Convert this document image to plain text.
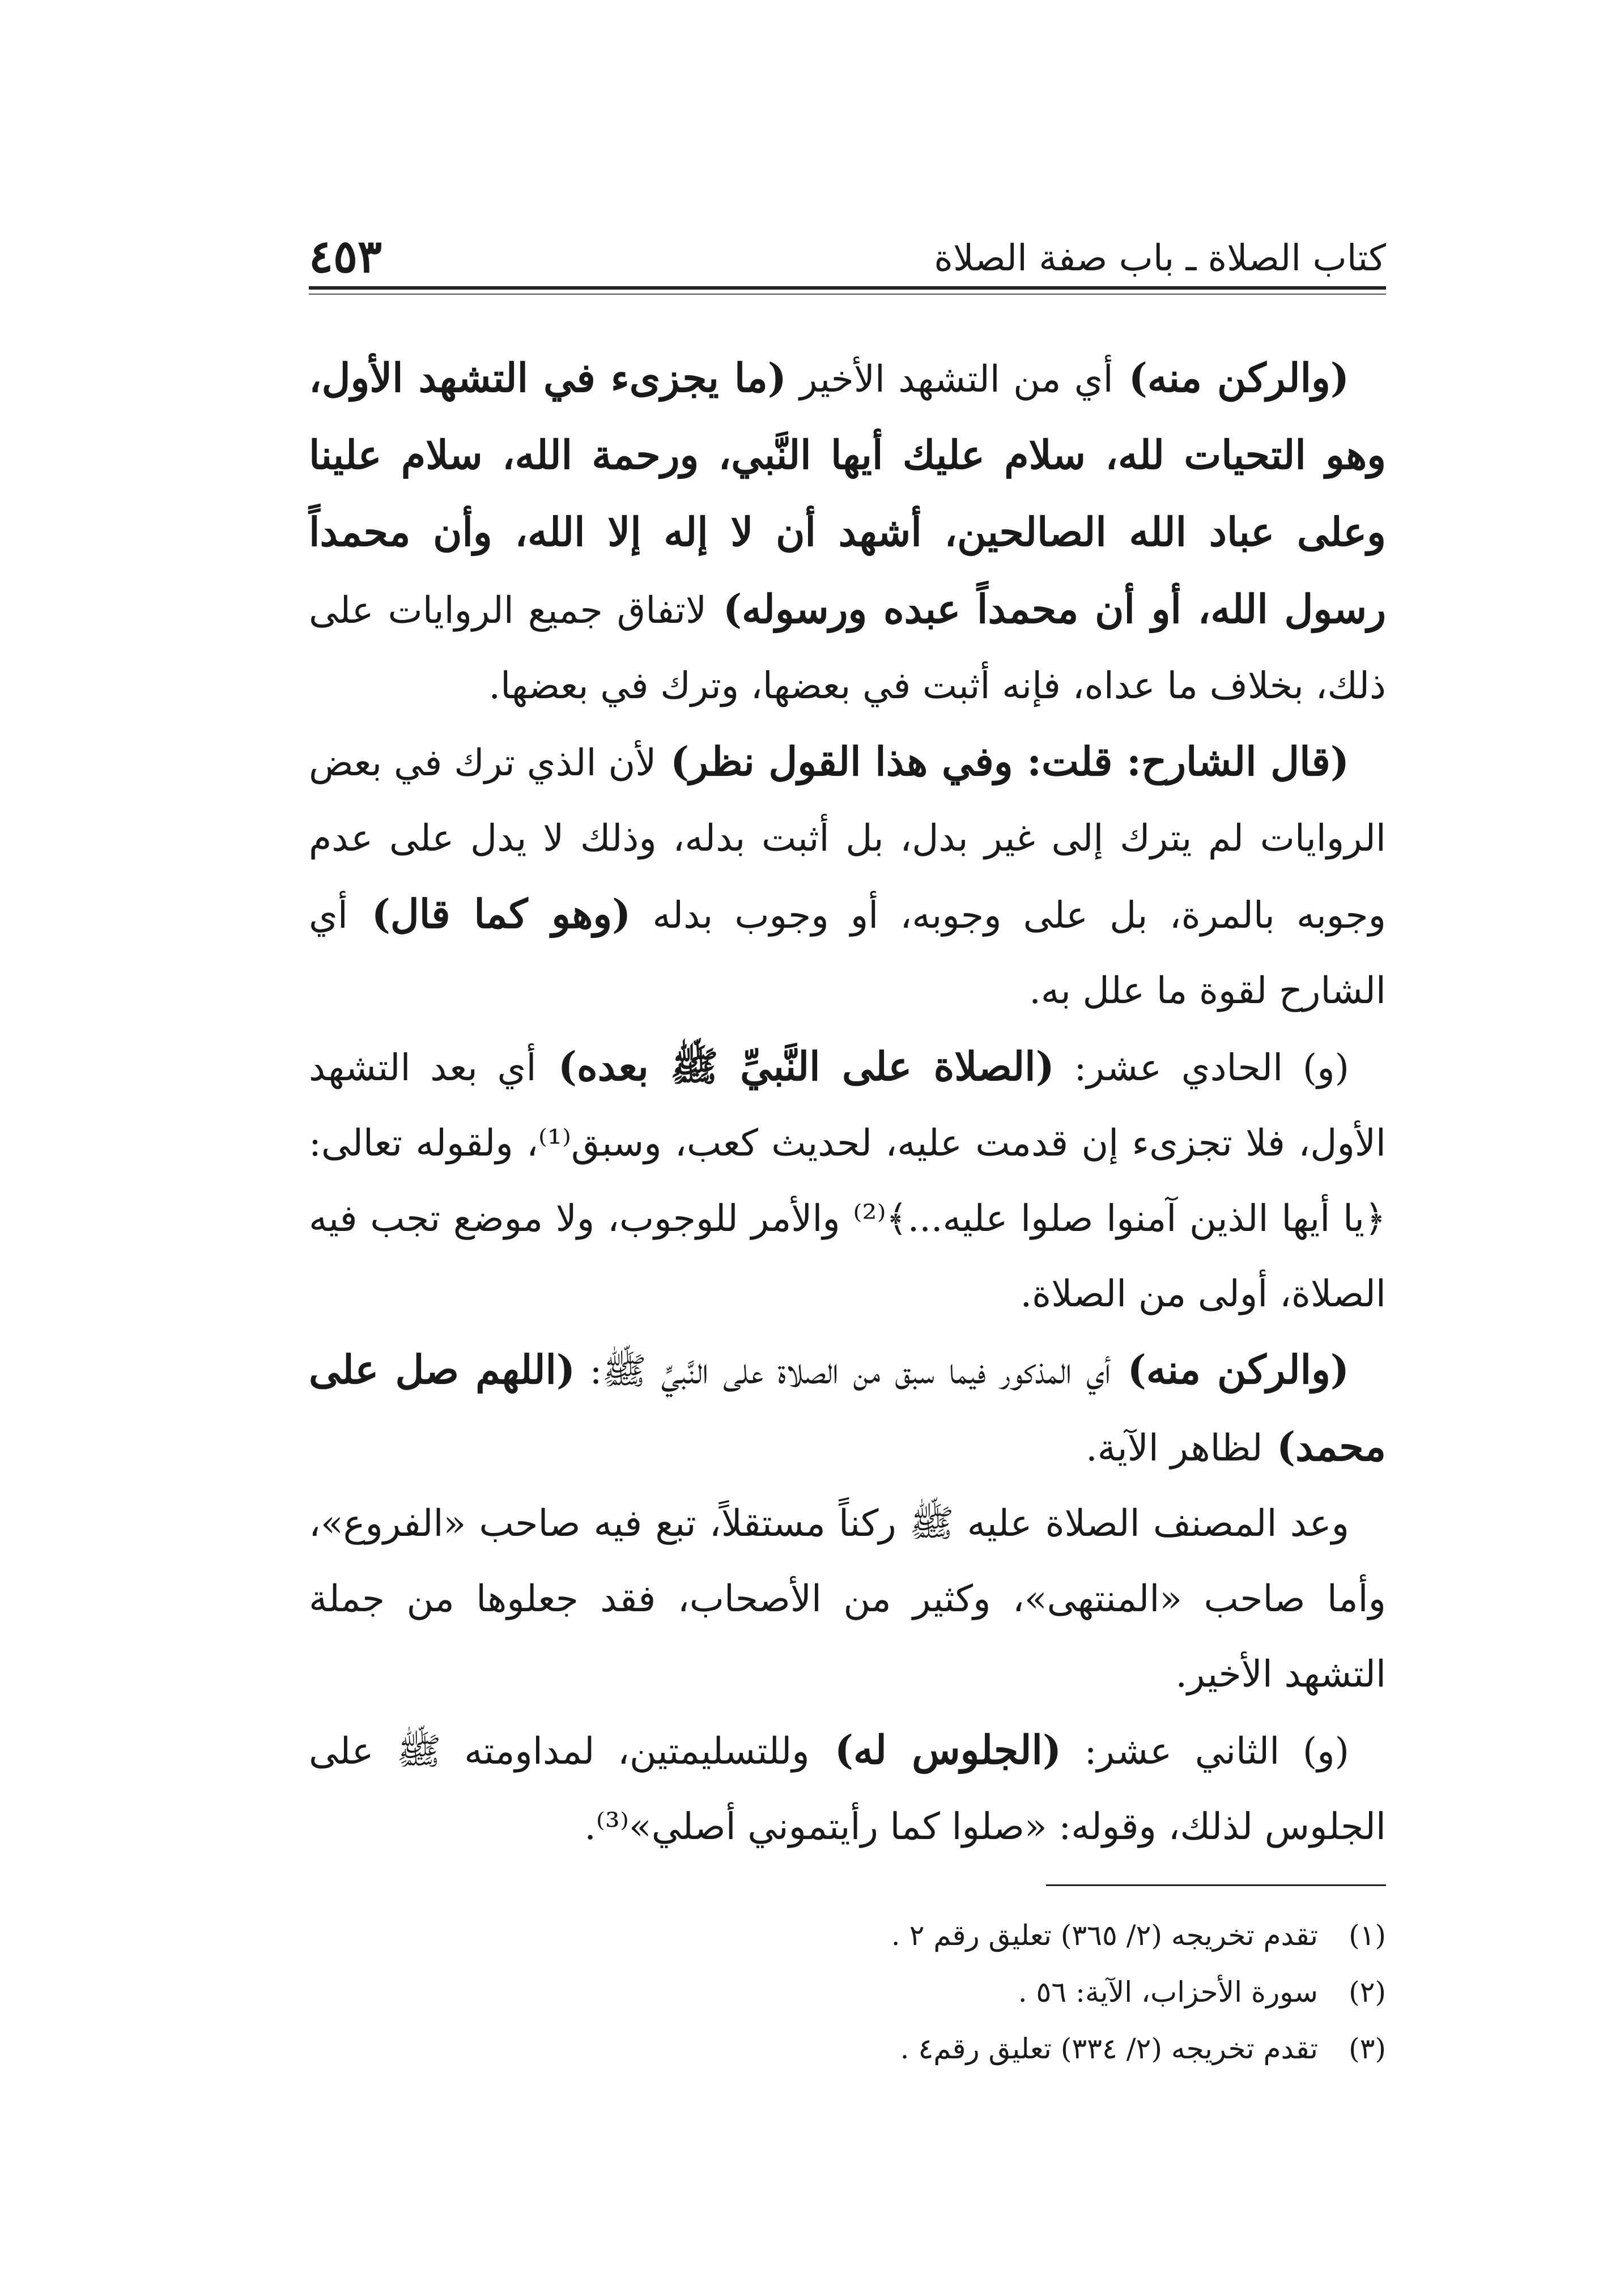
كتاب الصلاة ـ باب صفة الصلاة
٤٥٣

(والركن منه) أي من التشهد الأخير (ما يجزىء في التشهد الأول، وهو التحيات لله، سلام عليك أيها النَّبي، ورحمة الله، سلام علينا وعلى عباد الله الصالحين، أشهد أن لا إله إلا الله، وأن محمداً رسول الله، أو أن محمداً عبده ورسوله) لاتفاق جميع الروايات على ذلك، بخلاف ما عداه، فإنه أثبت في بعضها، وترك في بعضها.

(قال الشارح: قلت: وفي هذا القول نظر) لأن الذي ترك في بعض الروايات لم يترك إلى غير بدل، بل أثبت بدله، وذلك لا يدل على عدم وجوبه بالمرة، بل على وجوبه، أو وجوب بدله (وهو كما قال) أي الشارح لقوة ما علل به.

(و) الحادي عشر: (الصلاة على النَّبيِّ ﷺ بعده) أي بعد التشهد الأول، فلا تجزىء إن قدمت عليه، لحديث كعب، وسبق⁽¹⁾، ولقوله تعالى: ﴿يا أيها الذين آمنوا صلوا عليه...﴾⁽²⁾ والأمر للوجوب، ولا موضع تجب فيه الصلاة، أولى من الصلاة.

(والركن منه) أي المذكور فيما سبق من الصلاة على النَّبيِّ ﷺ: (اللهم صل على محمد) لظاهر الآية.

وعد المصنف الصلاة عليه ﷺ ركناً مستقلاً، تبع فيه صاحب «الفروع»، وأما صاحب «المنتهى»، وكثير من الأصحاب، فقد جعلوها من جملة التشهد الأخير.

(و) الثاني عشر: (الجلوس له) وللتسليمتين، لمداومته ﷺ على الجلوس لذلك، وقوله: «صلوا كما رأيتموني أصلي»⁽³⁾.

(١)تقدم تخريجه (٢/ ٣٦٥) تعليق رقم ٢ .

(٢)سورة الأحزاب، الآية: ٥٦ .

(٣)تقدم تخريجه (٢/ ٣٣٤) تعليق رقم٤ .
